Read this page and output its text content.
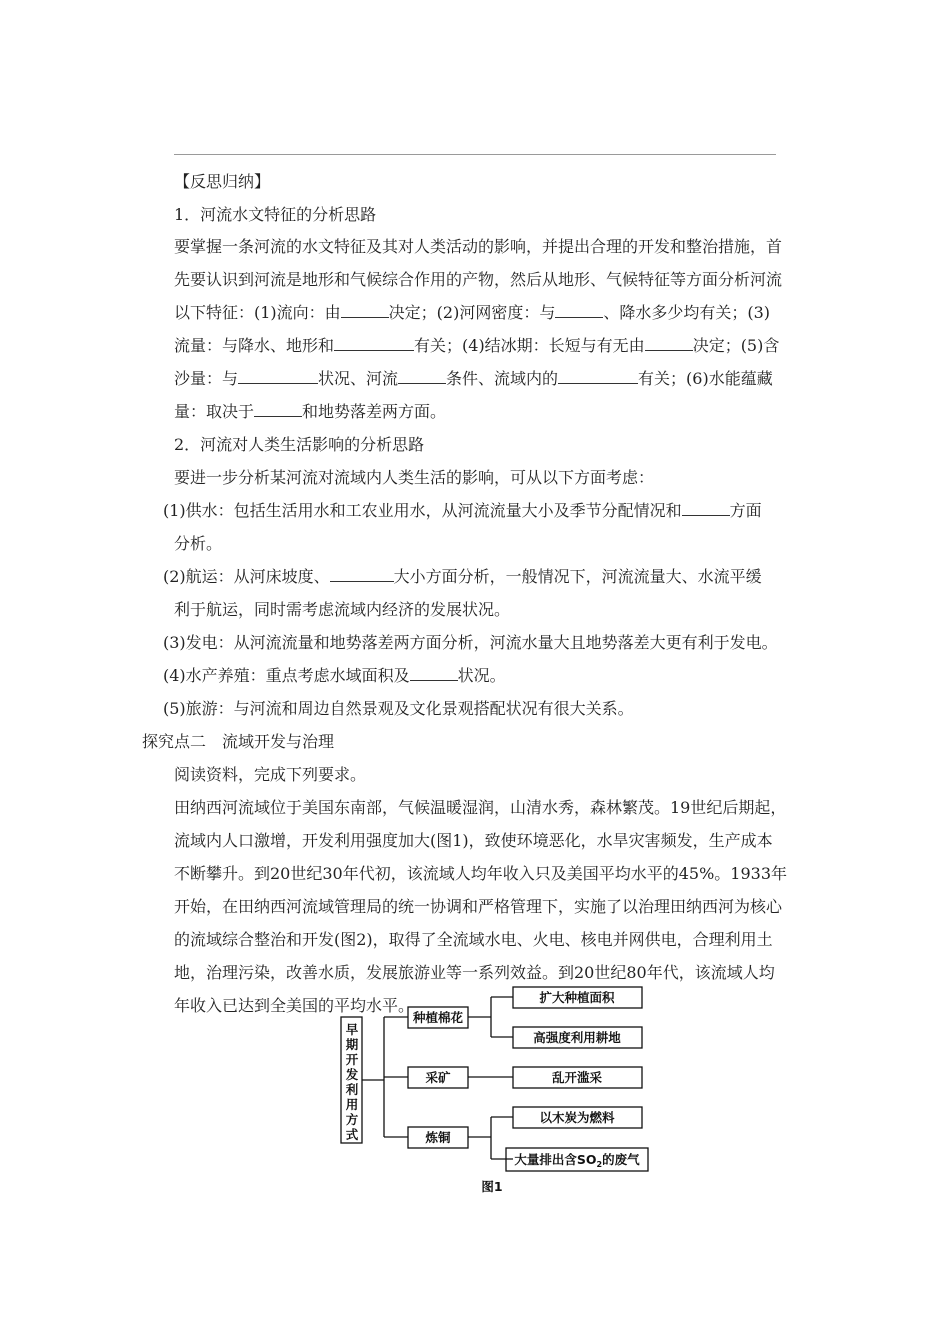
【反思归纳】
1．河流水文特征的分析思路
要掌握一条河流的水文特征及其对人类活动的影响，并提出合理的开发和整治措施，首
先要认识到河流是地形和气候综合作用的产物，然后从地形、气候特征等方面分析河流
以下特征：(1)流向：由	决定；(2)河网密度：与	、降水多少均有关；(3)
流量：与降水、地形和	有关；(4)结冰期：长短与有无由	决定；(5)含
沙量：与	状况、河流	条件、流域内的	有关；(6)水能蕴藏
量：取决于	和地势落差两方面。
2．河流对人类生活影响的分析思路
要进一步分析某河流对流域内人类生活的影响，可从以下方面考虑：
(1)供水：包括生活用水和工农业用水，从河流流量大小及季节分配情况和	方面
分析。
(2)航运：从河床坡度、	大小方面分析，一般情况下，河流流量大、水流平缓
利于航运，同时需考虑流域内经济的发展状况。
(3)发电：从河流流量和地势落差两方面分析，河流水量大且地势落差大更有利于发电。
(4)水产养殖：重点考虑水域面积及	状况。
(5)旅游：与河流和周边自然景观及文化景观搭配状况有很大关系。
探究点二　流域开发与治理
阅读资料，完成下列要求。
田纳西河流域位于美国东南部，气候温暖湿润，山清水秀，森林繁茂。19世纪后期起，
流域内人口激增，开发利用强度加大(图1)，致使环境恶化，水旱灾害频发，生产成本
不断攀升。到20世纪30年代初，该流域人均年收入只及美国平均水平的45%。1933年
开始，在田纳西河流域管理局的统一协调和严格管理下，实施了以治理田纳西河为核心
的流域综合整治和开发(图2)，取得了全流域水电、火电、核电并网供电，合理利用土
地，治理污染，改善水质，发展旅游业等一系列效益。到20世纪80年代，该流域人均
年收入已达到全美国的平均水平。
早
期
开
发
利
用
方
式
种植棉花
采矿
炼铜
扩大种植面积
高强度利用耕地
乱开滥采
以木炭为燃料
大量排出含$SO_2$的废气
图1
